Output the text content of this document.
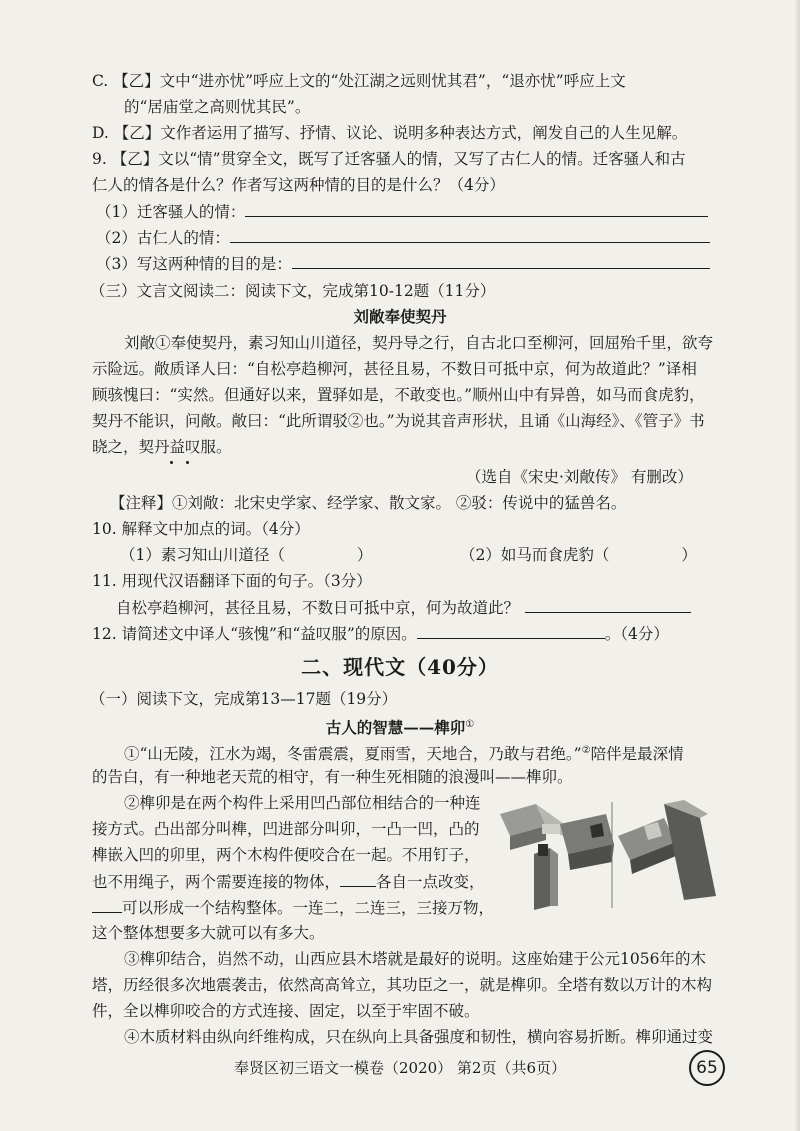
C. 【乙】文中“进亦忧”呼应上文的“处江湖之远则忧其君”，“退亦忧”呼应上文
的“居庙堂之高则忧其民”。
D. 【乙】文作者运用了描写、抒情、议论、说明多种表达方式，阐发自己的人生见解。
9. 【乙】文以“情”贯穿全文，既写了迁客骚人的情，又写了古仁人的情。迁客骚人和古
仁人的情各是什么？作者写这两种情的目的是什么？（4分）
（1）迁客骚人的情：
（2）古仁人的情：
（3）写这两种情的目的是：
（三）文言文阅读二：阅读下文，完成第10-12题（11分）
刘敞奉使契丹
刘敞①奉使契丹，素习知山川道径，契丹导之行，自古北口至柳河，回屈殆千里，欲夸
示险远。敞质译人曰：“自松亭趋柳河，甚径且易，不数日可抵中京，何为故道此？”译相
顾骇愧曰：“实然。但通好以来，置驿如是，不敢变也。”顺州山中有异兽，如马而食虎豹，
契丹不能识，问敞。敞曰：“此所谓驳②也。”为说其音声形状，且诵《山海经》、《管子》书
晓之，契丹益叹服。
（选自《宋史·刘敞传》 有删改）
【注释】①刘敞：北宋史学家、经学家、散文家。 ②驳：传说中的猛兽名。
10. 解释文中加点的词。（4分）
（1）素习知山川道径（	）	（2）如马而食虎豹（	）
11. 用现代汉语翻译下面的句子。（3分）
自松亭趋柳河，甚径且易，不数日可抵中京，何为故道此？
12. 请简述文中译人“骇愧”和“益叹服”的原因。	。（4分）
二、现代文（40分）
（一）阅读下文，完成第13—17题（19分）
古人的智慧——榫卯①
①“山无陵，江水为竭，冬雷震震，夏雨雪，天地合，乃敢与君绝。”②陪伴是最深情
的告白，有一种地老天荒的相守，有一种生死相随的浪漫叫——榫卯。
②榫卯是在两个构件上采用凹凸部位相结合的一种连
接方式。凸出部分叫榫，凹进部分叫卯，一凸一凹，凸的
榫嵌入凹的卯里，两个木构件便咬合在一起。不用钉子，
也不用绳子，两个需要连接的物体， 各自一点改变，
可以形成一个结构整体。一连二，二连三，三接万物，
这个整体想要多大就可以有多大。
③榫卯结合，岿然不动，山西应县木塔就是最好的说明。这座始建于公元1056年的木
塔，历经很多次地震袭击，依然高高耸立，其功臣之一，就是榫卯。全塔有数以万计的木构
件，全以榫卯咬合的方式连接、固定，以至于牢固不破。
④木质材料由纵向纤维构成，只在纵向上具备强度和韧性，横向容易折断。榫卯通过变
奉贤区初三语文一模卷（2020） 第2页（共6页）	65
